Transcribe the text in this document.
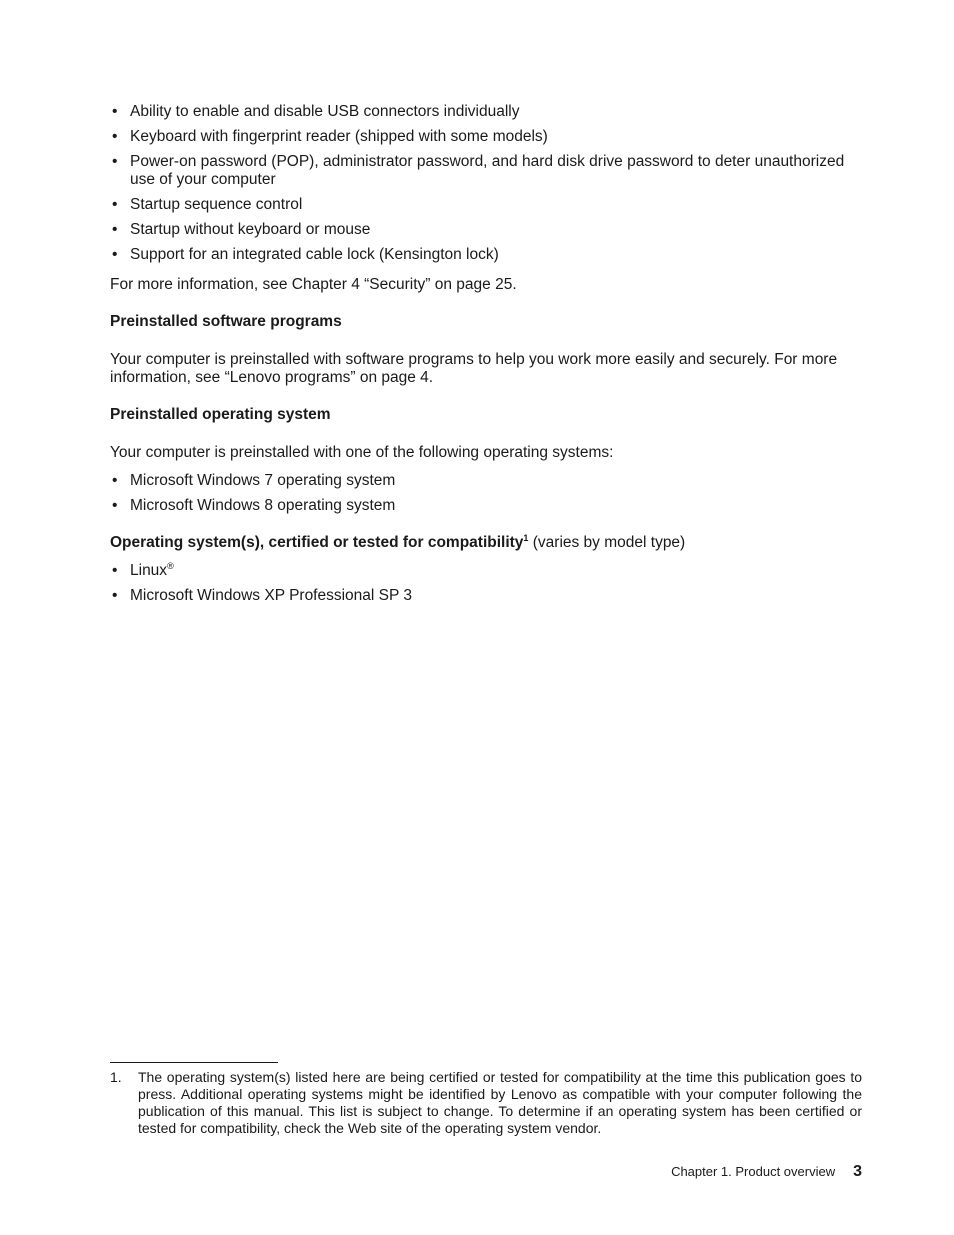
• Ability to enable and disable USB connectors individually
• Keyboard with fingerprint reader (shipped with some models)
• Power-on password (POP), administrator password, and hard disk drive password to deter unauthorized use of your computer
• Startup sequence control
• Startup without keyboard or mouse
• Support for an integrated cable lock (Kensington lock)

For more information, see Chapter 4 “Security” on page 25.

Preinstalled software programs

Your computer is preinstalled with software programs to help you work more easily and securely. For more information, see “Lenovo programs” on page 4.

Preinstalled operating system

Your computer is preinstalled with one of the following operating systems:

• Microsoft Windows 7 operating system
• Microsoft Windows 8 operating system
Operating system(s), certified or tested for compatibility$^1$ (varies by model type)
• Linux®
• Microsoft Windows XP Professional SP 3
1. The operating system(s) listed here are being certified or tested for compatibility at the time this publication goes to press. Additional operating systems might be identified by Lenovo as compatible with your computer following the publication of this manual. This list is subject to change. To determine if an operating system has been certified or tested for compatibility, check the Web site of the operating system vendor.
Chapter 1. Product overview 3
